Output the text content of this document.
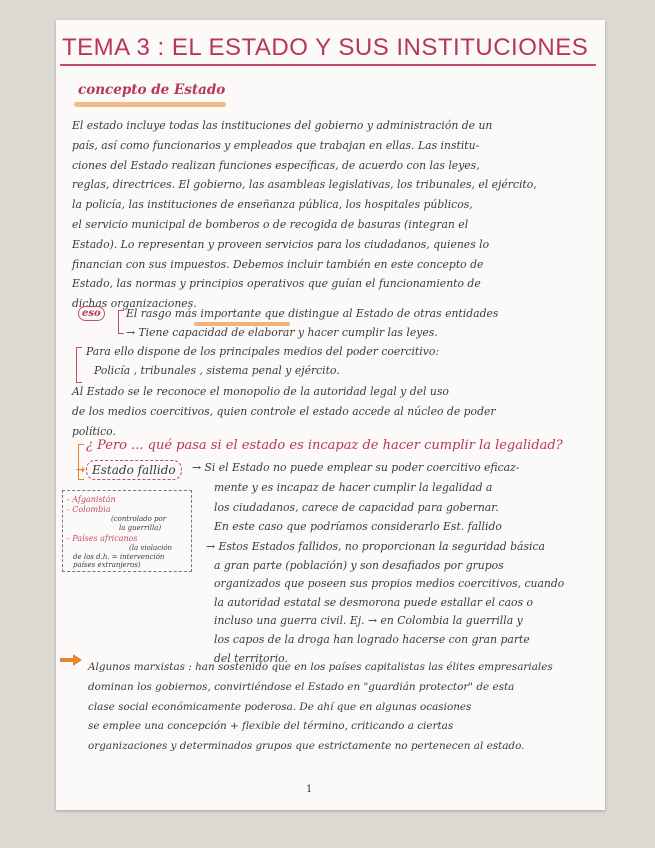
TEMA 3 : EL ESTADO Y SUS INSTITUCIONES
concepto de Estado
El estado incluye todas las instituciones del gobierno y administración de un
país, así como funcionarios y empleados que trabajan en ellas. Las institu-
ciones del Estado realizan funciones específicas, de acuerdo con las leyes,
reglas, directrices. El gobierno, las asambleas legislativas, los tribunales, el ejército,
la policía, las instituciones de enseñanza pública, los hospitales públicos,
el servicio municipal de bomberos o de recogida de basuras (integran el
Estado). Lo representan y proveen servicios para los ciudadanos, quienes lo
financian con sus impuestos. Debemos incluir también en este concepto de
Estado, las normas y principios operativos que guían el funcionamiento de
dichas organizaciones.
eso	El rasgo más importante que distingue al Estado de otras entidades
→ Tiene capacidad de elaborar y hacer cumplir las leyes.
Para ello dispone de los principales medios del poder coercitivo:
Policía , tribunales , sistema penal y ejército.
Al Estado se le reconoce el monopolio de la autoridad legal y del uso
de los medios coercitivos, quien controle el estado accede al núcleo de poder
político.
¿ Pero ... qué pasa si el estado es incapaz de hacer cumplir la legalidad?
→ Estado fallido	→ Si el Estado no puede emplear su poder coercitivo eficaz-
mente y es incapaz de hacer cumplir la legalidad a
los ciudadanos, carece de capacidad para gobernar.
En este caso que podríamos considerarlo Est. fallido
- Afganistán
- Colombia
(controlado por
la guerrilla)
- Países africanos
(la violación
de los d.h. = intervención
países extranjeros)
→ Estos Estados fallidos, no proporcionan la seguridad básica
a gran parte (población) y son desafiados por grupos
organizados que poseen sus propios medios coercitivos, cuando
la autoridad estatal se desmorona puede estallar el caos o
incluso una guerra civil. Ej. → en Colombia la guerrilla y
los capos de la droga han logrado hacerse con gran parte
del territorio.
Algunos marxistas : han sostenido que en los países capitalistas las élites empresariales
dominan los gobiernos, convirtiéndose el Estado en "guardián protector" de esta
clase social económicamente poderosa. De ahí que en algunas ocasiones
se emplee una concepción + flexible del término, criticando a ciertas
organizaciones y determinados grupos que estrictamente no pertenecen al estado.
1
